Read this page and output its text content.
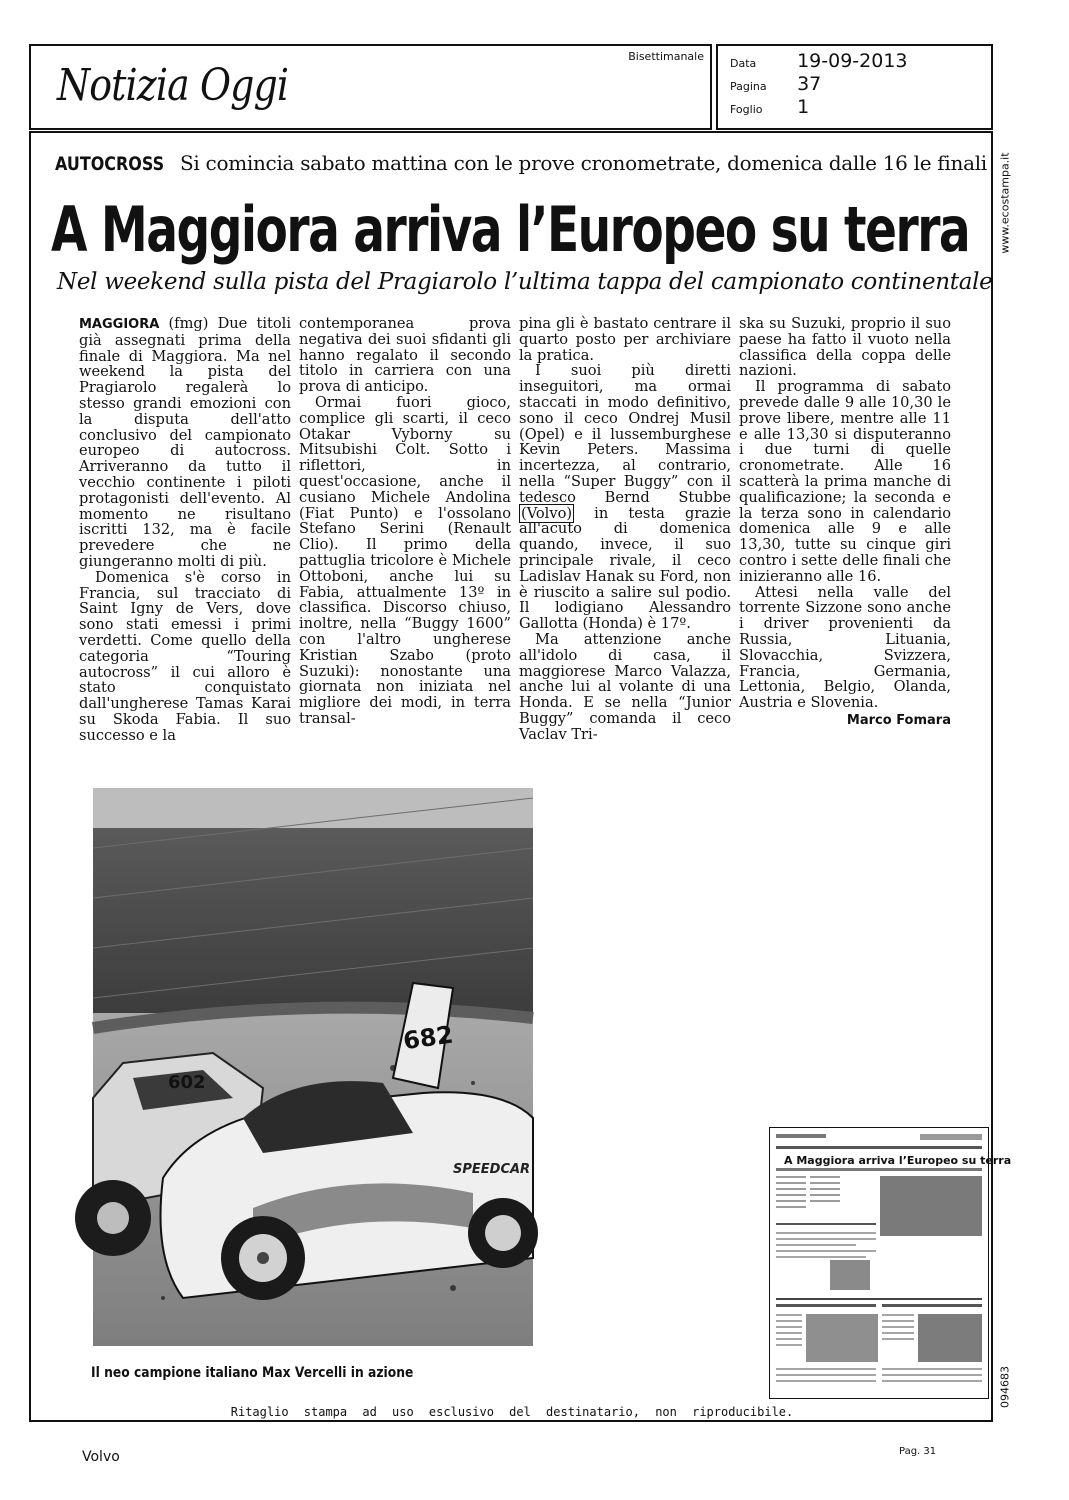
Notizia Oggi
Bisettimanale
Data 19-09-2013
Pagina 37
Foglio 1
AUTOCROSS Si comincia sabato mattina con le prove cronometrate, domenica dalle 16 le finali
A Maggiora arriva l’Europeo su terra
Nel weekend sulla pista del Pragiarolo l’ultima tappa del campionato continentale

MAGGIORA (fmg) Due titoli già assegnati prima della finale di Maggiora. Ma nel weekend la pista del Pragiarolo regalerà lo stesso grandi emozioni con la disputa dell'atto conclusivo del campionato europeo di autocross. Arriveranno da tutto il vecchio continente i piloti protagonisti dell'evento. Al momento ne risultano iscritti 132, ma è facile prevedere che ne giungeranno molti di più.

Domenica s'è corso in Francia, sul tracciato di Saint Igny de Vers, dove sono stati emessi i primi verdetti. Come quello della categoria “Touring autocross” il cui alloro è stato conquistato dall'ungherese Tamas Karai su Skoda Fabia. Il suo successo e la

contemporanea prova negativa dei suoi sfidanti gli hanno regalato il secondo titolo in carriera con una prova di anticipo.

Ormai fuori gioco, complice gli scarti, il ceco Otakar Vyborny su Mitsubishi Colt. Sotto i riflettori, in quest'occasione, anche il cusiano Michele Andolina (Fiat Punto) e l'ossolano Stefano Serini (Renault Clio). Il primo della pattuglia tricolore è Michele Ottoboni, anche lui su Fabia, attualmente 13º in classifica. Discorso chiuso, inoltre, nella “Buggy 1600” con l'altro ungherese Kristian Szabo (proto Suzuki): nonostante una giornata non iniziata nel migliore dei modi, in terra transal-

pina gli è bastato centrare il quarto posto per archiviare la pratica.

I suoi più diretti inseguitori, ma ormai staccati in modo definitivo, sono il ceco Ondrej Musil (Opel) e il lussemburghese Kevin Peters. Massima incertezza, al contrario, nella “Super Buggy” con il tedesco Bernd Stubbe (Volvo) in testa grazie all'acuto di domenica quando, invece, il suo principale rivale, il ceco Ladislav Hanak su Ford, non è riuscito a salire sul podio. Il lodigiano Alessandro Gallotta (Honda) è 17º.

Ma attenzione anche all'idolo di casa, il maggiorese Marco Valazza, anche lui al volante di una Honda. E se nella “Junior Buggy” comanda il ceco Vaclav Tri-

ska su Suzuki, proprio il suo paese ha fatto il vuoto nella classifica della coppa delle nazioni.

Il programma di sabato prevede dalle 9 alle 10,30 le prove libere, mentre alle 11 e alle 13,30 si disputeranno i due turni di quelle cronometrate. Alle 16 scatterà la prima manche di qualificazione; la seconda e la terza sono in calendario domenica alle 9 e alle 13,30, tutte su cinque giri contro i sette delle finali che inizieranno alle 16.

Attesi nella valle del torrente Sizzone sono anche i driver provenienti da Russia, Lituania, Slovacchia, Svizzera, Francia, Germania, Lettonia, Belgio, Olanda, Austria e Slovenia.

Marco Fomara
602
682
SPEEDCAR
Il neo campione italiano Max Vercelli in azione
A Maggiora arriva l’Europeo su terra
www.ecostampa.it
094683
Ritaglio stampa ad uso esclusivo del destinatario, non riproducibile.
Volvo	Pag. 31
